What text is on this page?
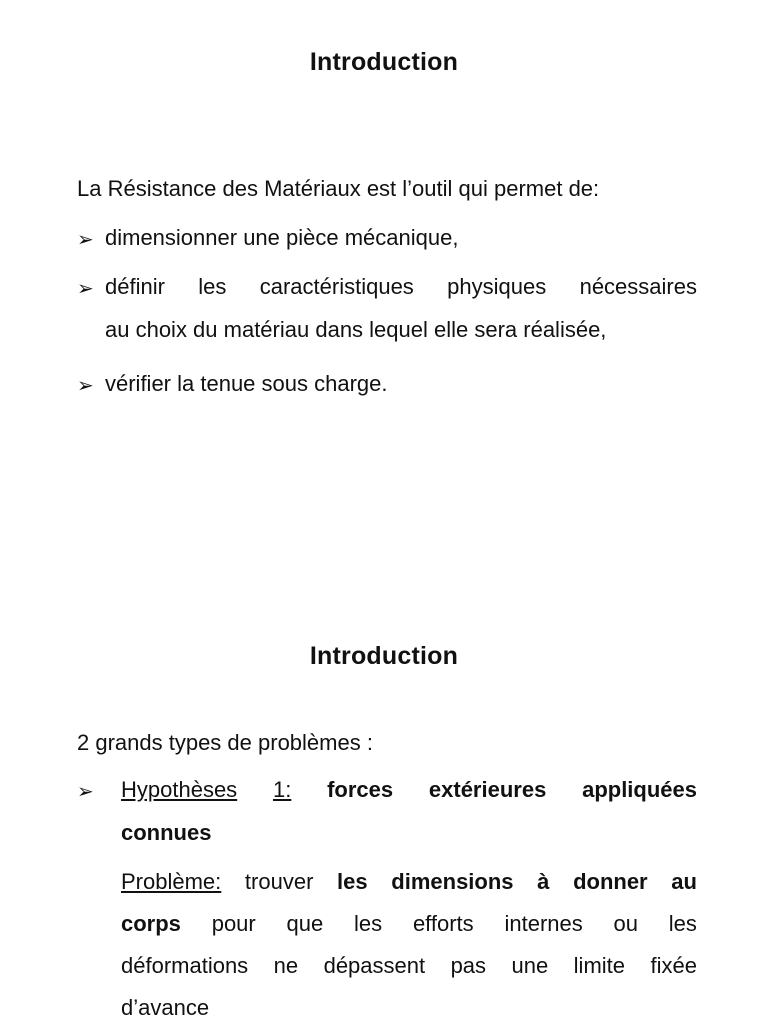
Introduction
La Résistance des Matériaux est l’outil qui permet de:
➢ dimensionner une pièce mécanique,
➢ définir les caractéristiques physiques nécessaires
au choix du matériau dans lequel elle sera réalisée,
➢ vérifier la tenue sous charge.
Introduction
2 grands types de problèmes :
➢ Hypothèses 1: forces extérieures appliquées
connues
Problème: trouver les dimensions à donner au
corps pour que les efforts internes ou les
déformations ne dépassent pas une limite fixée
d’avance
